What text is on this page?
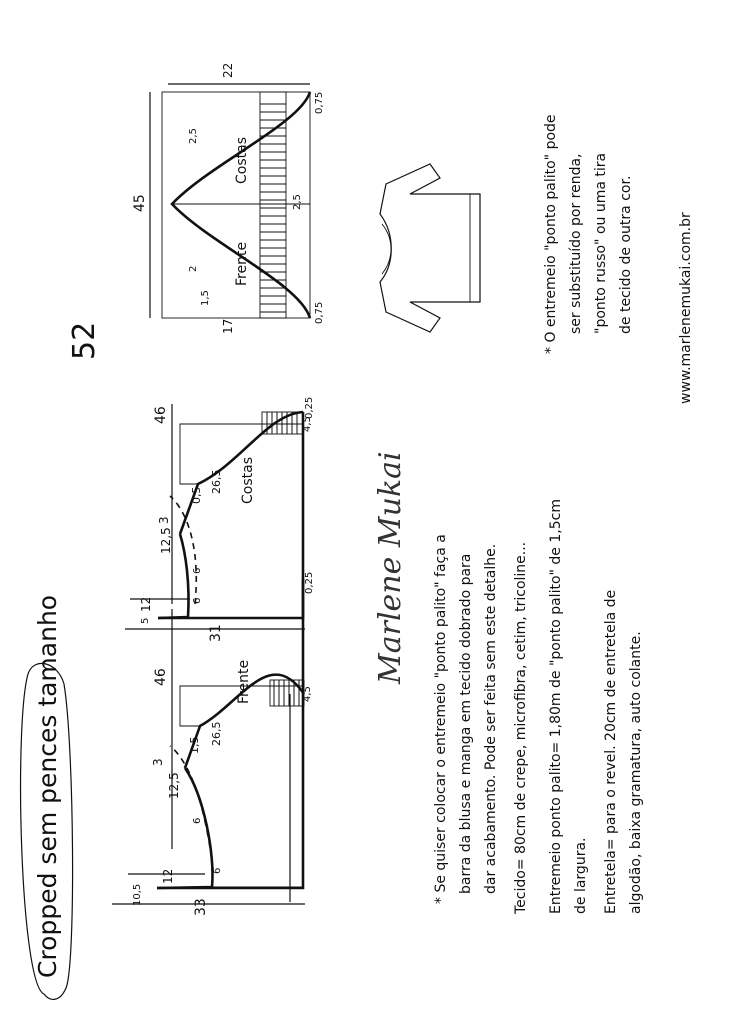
Cropped sem pences tamanho
52
Frente
33
12
12,5
3
26,5
1,5
46
10,5
6
6
4,5
0,25
Costas
31
12
12,5
3
26,5
0,5
46
5
6
6
4,5
0,25
Marlene Mukai
Frente
Costas
45
22
17
2
2,5
1,5
2,5
0,75
0,75
* Se quiser colocar o entremeio "ponto palito" faça a barra da blusa e manga em tecido dobrado para dar acabamento. Pode ser feita sem este detalhe. Tecido= 80cm de crepe, microfibra, cetim, tricoline... Entremeio ponto palito= 1,80m de "ponto palito" de 1,5cm de largura. Entretela= para o revel. 20cm de entretela de algodão, baixa gramatura, auto colante.
* O entremeio "ponto palito" pode ser substituído por renda, "ponto russo" ou uma tira de tecido de outra cor.	www.marlenemukai.com.br
